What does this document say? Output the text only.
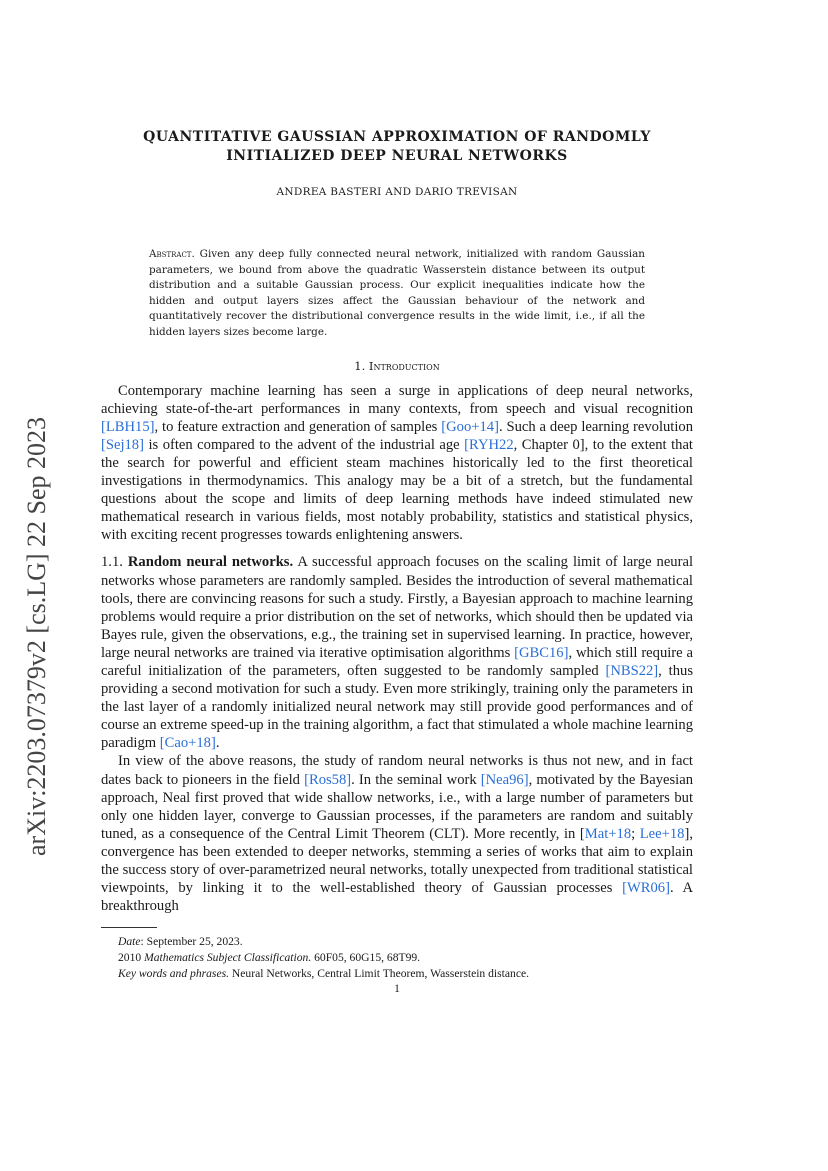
arXiv:2203.07379v2 [cs.LG] 22 Sep 2023
QUANTITATIVE GAUSSIAN APPROXIMATION OF RANDOMLY
INITIALIZED DEEP NEURAL NETWORKS
ANDREA BASTERI AND DARIO TREVISAN
Abstract. Given any deep fully connected neural network, initialized with random Gaussian parameters, we bound from above the quadratic Wasserstein distance between its output distribution and a suitable Gaussian process. Our explicit inequalities indicate how the hidden and output layers sizes affect the Gaussian behaviour of the network and quantitatively recover the distributional convergence results in the wide limit, i.e., if all the hidden layers sizes become large.
1. Introduction

Contemporary machine learning has seen a surge in applications of deep neural networks, achieving state-of-the-art performances in many contexts, from speech and visual recognition [LBH15], to feature extraction and generation of samples [Goo+14]. Such a deep learning revolution [Sej18] is often compared to the advent of the industrial age [RYH22, Chapter 0], to the extent that the search for powerful and efficient steam machines historically led to the first theoretical investigations in thermodynamics. This analogy may be a bit of a stretch, but the fundamental questions about the scope and limits of deep learning methods have indeed stimulated new mathematical research in various fields, most notably probability, statistics and statistical physics, with exciting recent progresses towards enlightening answers.

1.1. Random neural networks. A successful approach focuses on the scaling limit of large neural networks whose parameters are randomly sampled. Besides the introduction of several mathematical tools, there are convincing reasons for such a study. Firstly, a Bayesian approach to machine learning problems would require a prior distribution on the set of networks, which should then be updated via Bayes rule, given the observations, e.g., the training set in supervised learning. In practice, however, large neural networks are trained via iterative optimisation algorithms [GBC16], which still require a careful initialization of the parameters, often suggested to be randomly sampled [NBS22], thus providing a second motivation for such a study. Even more strikingly, training only the parameters in the last layer of a randomly initialized neural network may still provide good performances and of course an extreme speed-up in the training algorithm, a fact that stimulated a whole machine learning paradigm [Cao+18].

In view of the above reasons, the study of random neural networks is thus not new, and in fact dates back to pioneers in the field [Ros58]. In the seminal work [Nea96], motivated by the Bayesian approach, Neal first proved that wide shallow networks, i.e., with a large number of parameters but only one hidden layer, converge to Gaussian processes, if the parameters are random and suitably tuned, as a consequence of the Central Limit Theorem (CLT). More recently, in [Mat+18; Lee+18], convergence has been extended to deeper networks, stemming a series of works that aim to explain the success story of over-parametrized neural networks, totally unexpected from traditional statistical viewpoints, by linking it to the well-established theory of Gaussian processes [WR06]. A breakthrough

Date: September 25, 2023.
2010 Mathematics Subject Classification. 60F05, 60G15, 68T99.
Key words and phrases. Neural Networks, Central Limit Theorem, Wasserstein distance.
1
